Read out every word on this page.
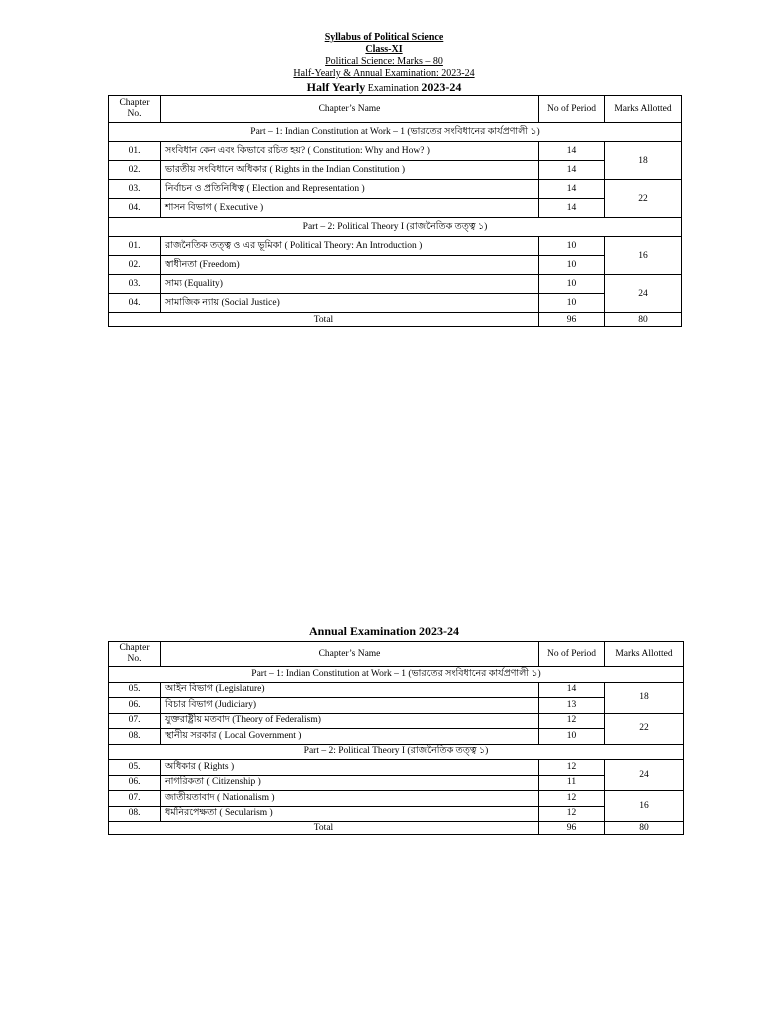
Syllabus of Political Science
Class-XI
Political Science: Marks – 80
Half-Yearly & Annual Examination: 2023-24
Half Yearly Examination 2023-24
Chapter No.	Chapter’s Name	No of Period	Marks Allotted
Part – 1: Indian Constitution at Work – 1 (ভারতের সংবিধানের কার্যপ্রণালী ১)			
01.	সংবিধান কেন এবং কিভাবে রচিত হয়? ( Constitution: Why and How? )	14	18
02.	ভারতীয় সংবিধানে অধিকার ( Rights in the Indian Constitution )	14	
03.	নির্বাচন ও প্রতিনিধিত্ব ( Election and Representation )	14	22
04.	শাসন বিভাগ ( Executive )	14	
Part – 2: Political Theory I (রাজনৈতিক তত্ত্ব ১)			
01.	রাজনৈতিক তত্ত্ব ও এর ভূমিকা ( Political Theory: An Introduction )	10	16
02.	স্বাধীনতা (Freedom)	10	
03.	সাম্য (Equality)	10	24
04.	সামাজিক ন্যায় (Social Justice)	10	
Total		96	80
Annual Examination 2023-24
Chapter No.	Chapter’s Name	No of Period	Marks Allotted
Part – 1: Indian Constitution at Work – 1 (ভারতের সংবিধানের কার্যপ্রণালী ১)			
05.	আইন বিভাগ (Legislature)	14	18
06.	বিচার বিভাগ (Judiciary)	13	
07.	যুক্তরাষ্ট্রীয় মতবাদ (Theory of Federalism)	12	22
08.	স্থানীয় সরকার ( Local Government )	10	
Part – 2: Political Theory I (রাজনৈতিক তত্ত্ব ১)			
05.	অধিকার ( Rights )	12	24
06.	নাগরিকতা ( Citizenship )	11	
07.	জাতীয়তাবাদ ( Nationalism )	12	16
08.	ধর্মনিরপেক্ষতা ( Secularism )	12	
Total		96	80
